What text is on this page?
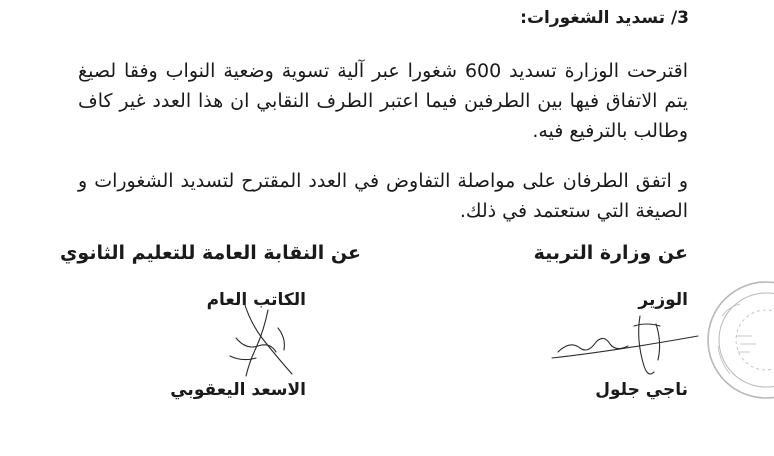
3/ تسديد الشغورات:

اقترحت الوزارة تسديد 600 شغورا عبر آلية تسوية وضعية النواب وفقا لصيغ يتم الاتفاق فيها بين الطرفين فيما اعتبر الطرف النقابي ان هذا العدد غير كاف وطالب بالترفيع فيه.

و اتفق الطرفان على مواصلة التفاوض في العدد المقترح لتسديد الشغورات و الصيغة التي ستعتمد في ذلك.

عن وزارة التربية
عن النقابة العامة للتعليم الثانوي
الوزير
الكاتب العام
ناجي جلول
الاسعد اليعقوبي
